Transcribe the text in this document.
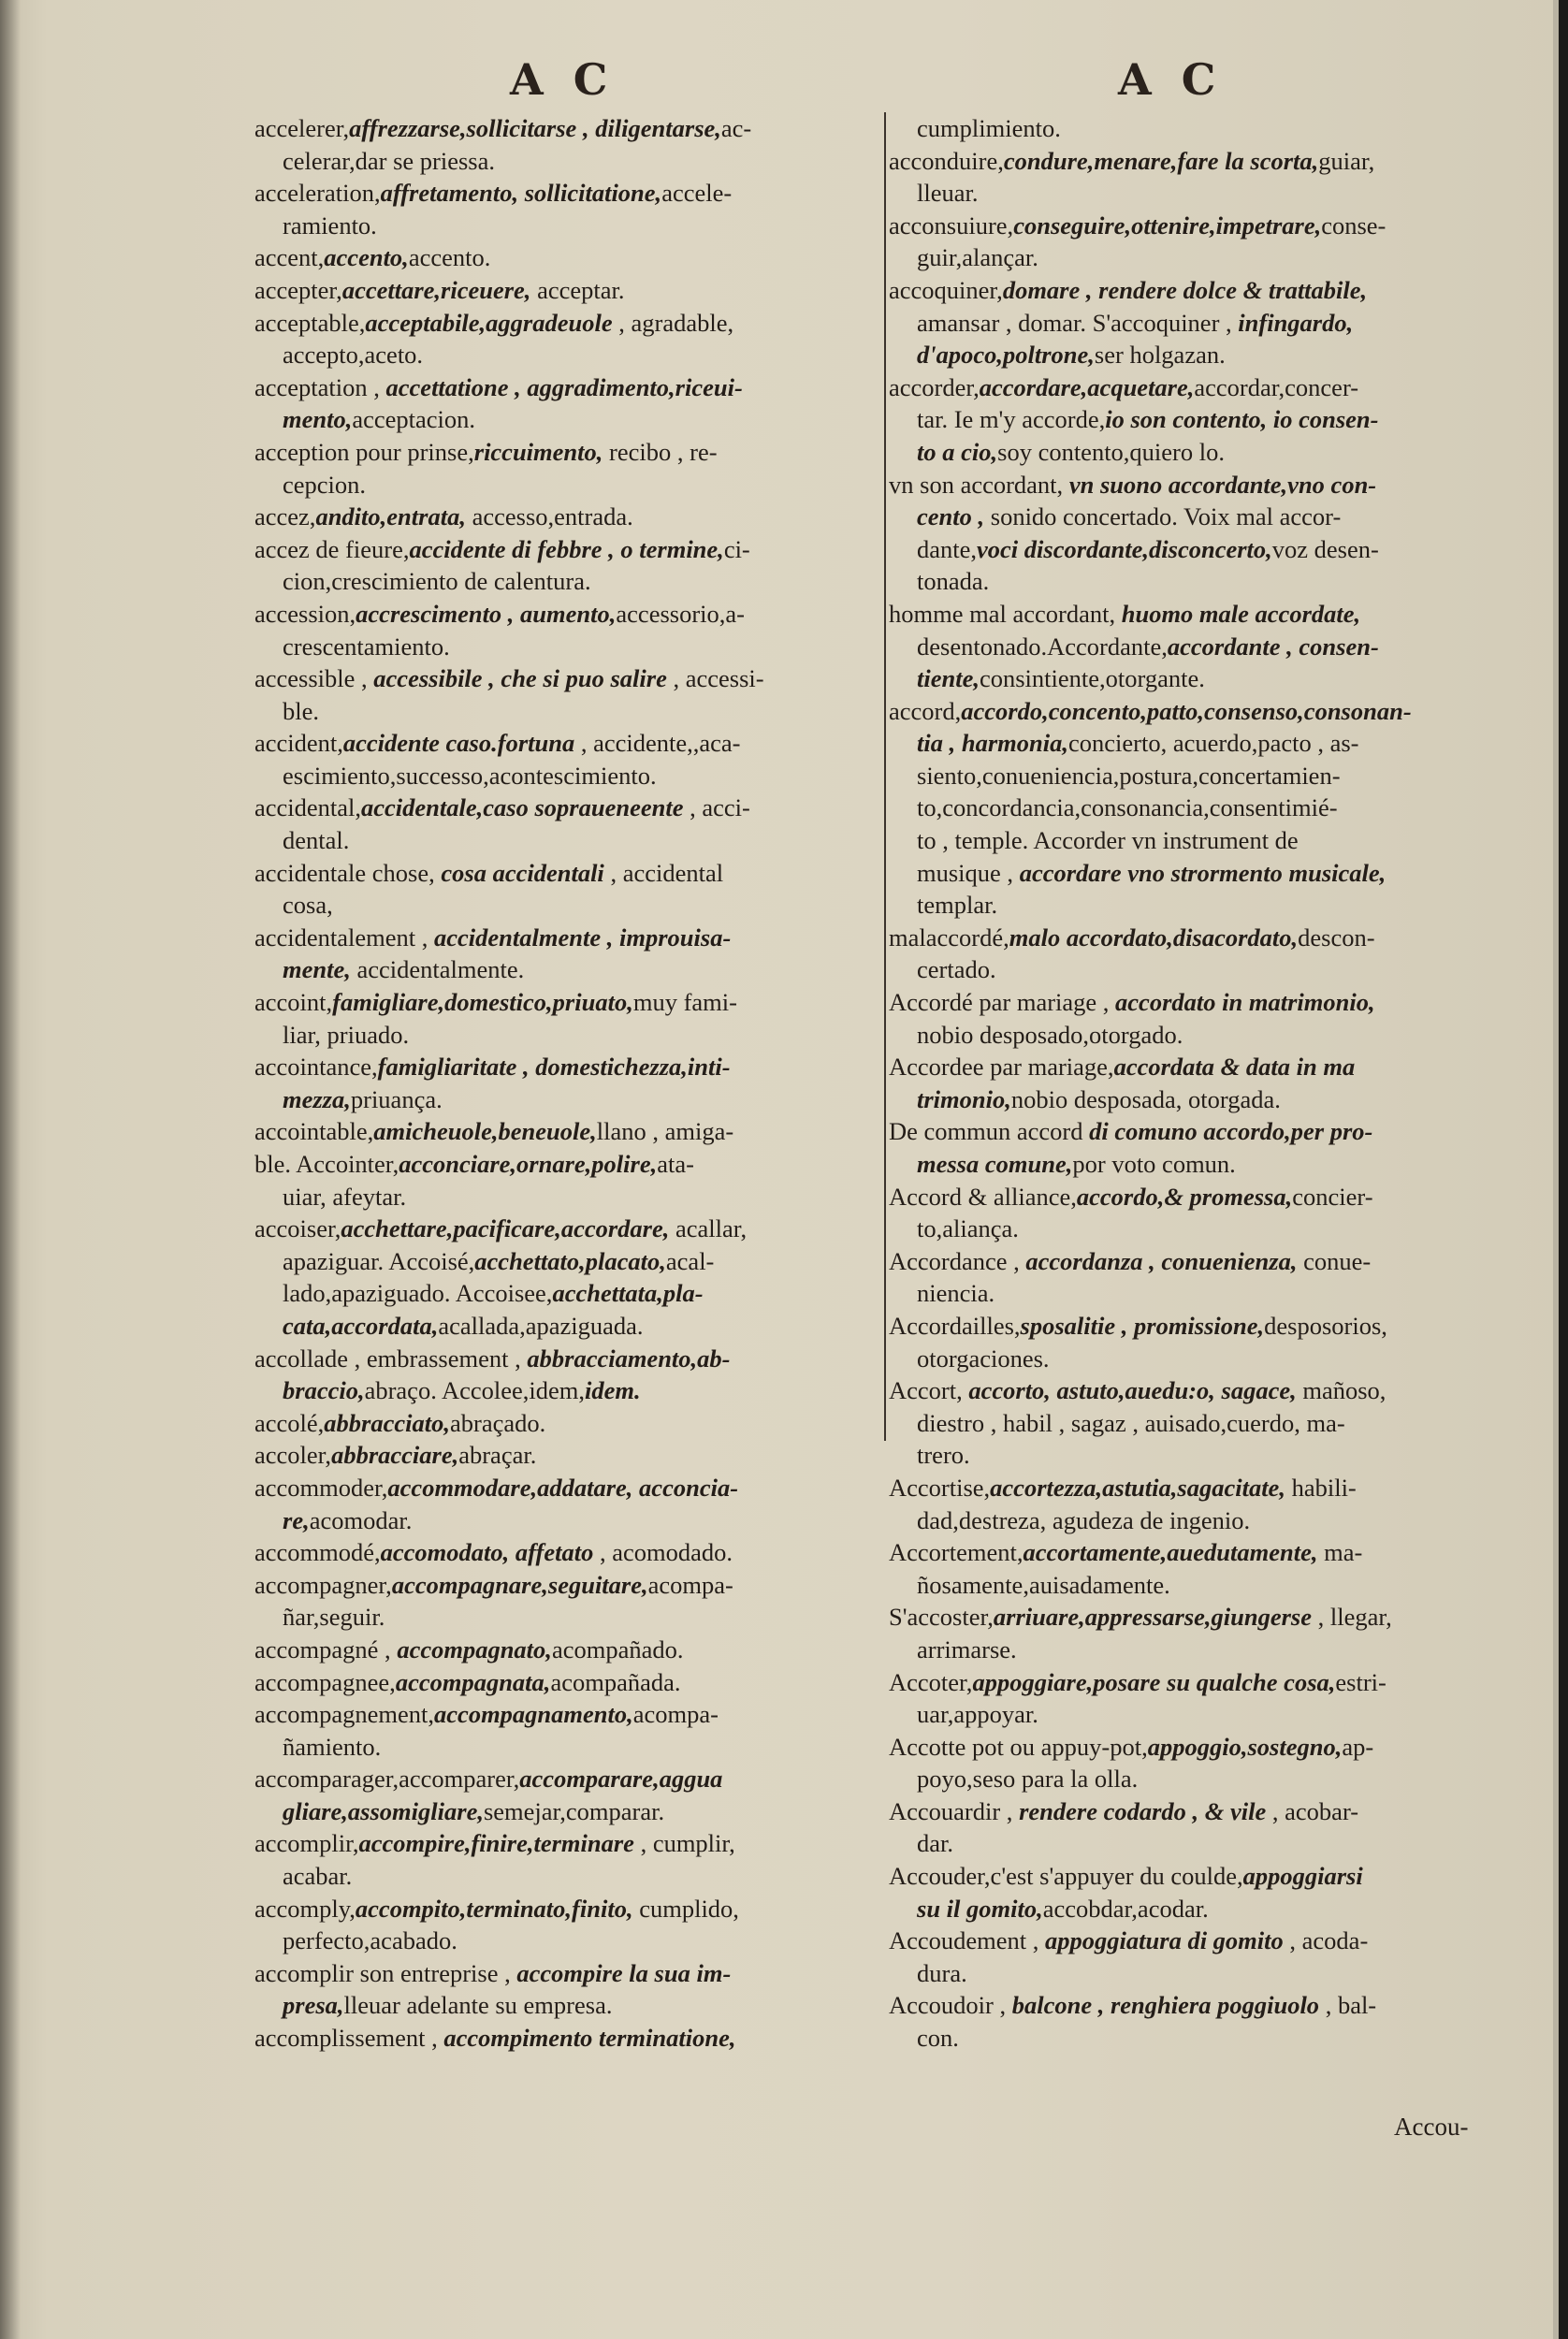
A C	A C
accelerer,affrezzarse,sollicitarse , diligentarse,ac-
celerar,dar se priessa.
acceleration,affretamento, sollicitatione,accele-
ramiento.
accent,accento,accento.
accepter,accettare,riceuere, acceptar.
acceptable,acceptabile,aggradeuole , agradable,
accepto,aceto.
acceptation , accettatione , aggradimento,riceui-
mento,acceptacion.
acception pour prinse,riccuimento, recibo , re-
cepcion.
accez,andito,entrata, accesso,entrada.
accez de fieure,accidente di febbre , o termine,ci-
cion,crescimiento de calentura.
accession,accrescimento , aumento,accessorio,a-
crescentamiento.
accessible , accessibile , che si puo salire , accessi-
ble.
accident,accidente caso.fortuna , accidente,,aca-
escimiento,successo,acontescimiento.
accidental,accidentale,caso sopraueneente , acci-
dental.
accidentale chose, cosa accidentali , accidental
cosa,
accidentalement , accidentalmente , improuisa-
mente, accidentalmente.
accoint,famigliare,domestico,priuato,muy fami-
liar, priuado.
accointance,famigliaritate , domestichezza,inti-
mezza,priuança.
accointable,amicheuole,beneuole,llano , amiga-
ble. Accointer,acconciare,ornare,polire,ata-
uiar, afeytar.
accoiser,acchettare,pacificare,accordare, acallar,
apaziguar. Accoisé,acchettato,placato,acal-
lado,apaziguado. Accoisee,acchettata,pla-
cata,accordata,acallada,apaziguada.
accollade , embrassement , abbracciamento,ab-
braccio,abraço. Accolee,idem,idem.
accolé,abbracciato,abraçado.
accoler,abbracciare,abraçar.
accommoder,accommodare,addatare, acconcia-
re,acomodar.
accommodé,accomodato, affetato , acomodado.
accompagner,accompagnare,seguitare,acompa-
ñar,seguir.
accompagné , accompagnato,acompañado.
accompagnee,accompagnata,acompañada.
accompagnement,accompagnamento,acompa-
ñamiento.
accomparager,accomparer,accomparare,aggua
gliare,assomigliare,semejar,comparar.
accomplir,accompire,finire,terminare , cumplir,
acabar.
accomply,accompito,terminato,finito, cumplido,
perfecto,acabado.
accomplir son entreprise , accompire la sua im-
presa,lleuar adelante su empresa.
accomplissement , accompimento terminatione,
cumplimiento.
acconduire,condure,menare,fare la scorta,guiar,
lleuar.
acconsuiure,conseguire,ottenire,impetrare,conse-
guir,alançar.
accoquiner,domare , rendere dolce & trattabile,
amansar , domar. S'accoquiner , infingardo,
d'apoco,poltrone,ser holgazan.
accorder,accordare,acquetare,accordar,concer-
tar. Ie m'y accorde,io son contento, io consen-
to a cio,soy contento,quiero lo.
vn son accordant, vn suono accordante,vno con-
cento , sonido concertado. Voix mal accor-
dante,voci discordante,disconcerto,voz desen-
tonada.
homme mal accordant, huomo male accordate,
desentonado.Accordante,accordante , consen-
tiente,consintiente,otorgante.
accord,accordo,concento,patto,consenso,consonan-
tia , harmonia,concierto, acuerdo,pacto , as-
siento,conueniencia,postura,concertamien-
to,concordancia,consonancia,consentimié-
to , temple. Accorder vn instrument de
musique , accordare vno strormento musicale,
templar.
malaccordé,malo accordato,disacordato,descon-
certado.
Accordé par mariage , accordato in matrimonio,
nobio desposado,otorgado.
Accordee par mariage,accordata & data in ma
trimonio,nobio desposada, otorgada.
De commun accord di comuno accordo,per pro-
messa comune,por voto comun.
Accord & alliance,accordo,& promessa,concier-
to,aliança.
Accordance , accordanza , conuenienza, conue-
niencia.
Accordailles,sposalitie , promissione,desposorios,
otorgaciones.
Accort, accorto, astuto,auedu:o, sagace, mañoso,
diestro , habil , sagaz , auisado,cuerdo, ma-
trero.
Accortise,accortezza,astutia,sagacitate, habili-
dad,destreza, agudeza de ingenio.
Accortement,accortamente,auedutamente, ma-
ñosamente,auisadamente.
S'accoster,arriuare,appressarse,giungerse , llegar,
arrimarse.
Accoter,appoggiare,posare su qualche cosa,estri-
uar,appoyar.
Accotte pot ou appuy-pot,appoggio,sostegno,ap-
poyo,seso para la olla.
Accouardir , rendere codardo , & vile , acobar-
dar.
Accouder,c'est s'appuyer du coulde,appoggiarsi
su il gomito,accobdar,acodar.
Accoudement , appoggiatura di gomito , acoda-
dura.
Accoudoir , balcone , renghiera poggiuolo , bal-
con.
Accou-
